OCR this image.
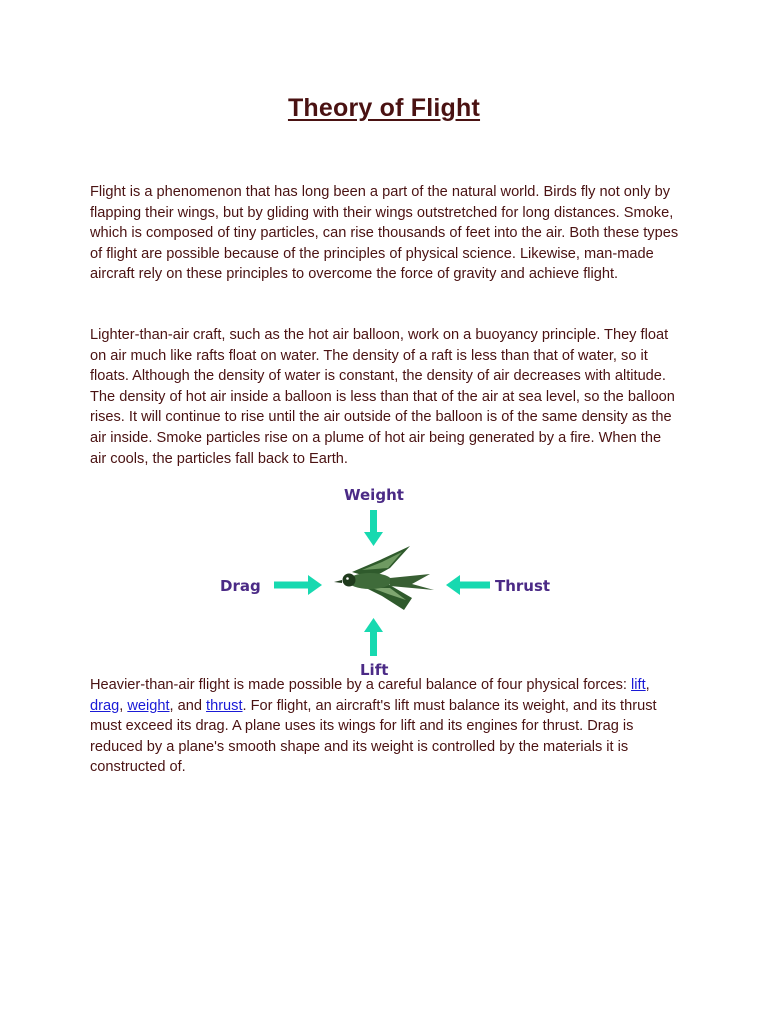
Theory of Flight

Flight is a phenomenon that has long been a part of the natural world. Birds fly not only by flapping their wings, but by gliding with their wings outstretched for long distances. Smoke, which is composed of tiny particles, can rise thousands of feet into the air. Both these types of flight are possible because of the principles of physical science. Likewise, man-made aircraft rely on these principles to overcome the force of gravity and achieve flight.

Lighter-than-air craft, such as the hot air balloon, work on a buoyancy principle. They float on air much like rafts float on water. The density of a raft is less than that of water, so it floats. Although the density of water is constant, the density of air decreases with altitude. The density of hot air inside a balloon is less than that of the air at sea level, so the balloon rises. It will continue to rise until the air outside of the balloon is of the same density as the air inside. Smoke particles rise on a plume of hot air being generated by a fire. When the air cools, the particles fall back to Earth.

Weight
Drag	Thrust
Lift

Heavier-than-air flight is made possible by a careful balance of four physical forces: lift, drag, weight, and thrust. For flight, an aircraft's lift must balance its weight, and its thrust must exceed its drag. A plane uses its wings for lift and its engines for thrust. Drag is reduced by a plane's smooth shape and its weight is controlled by the materials it is constructed of.
